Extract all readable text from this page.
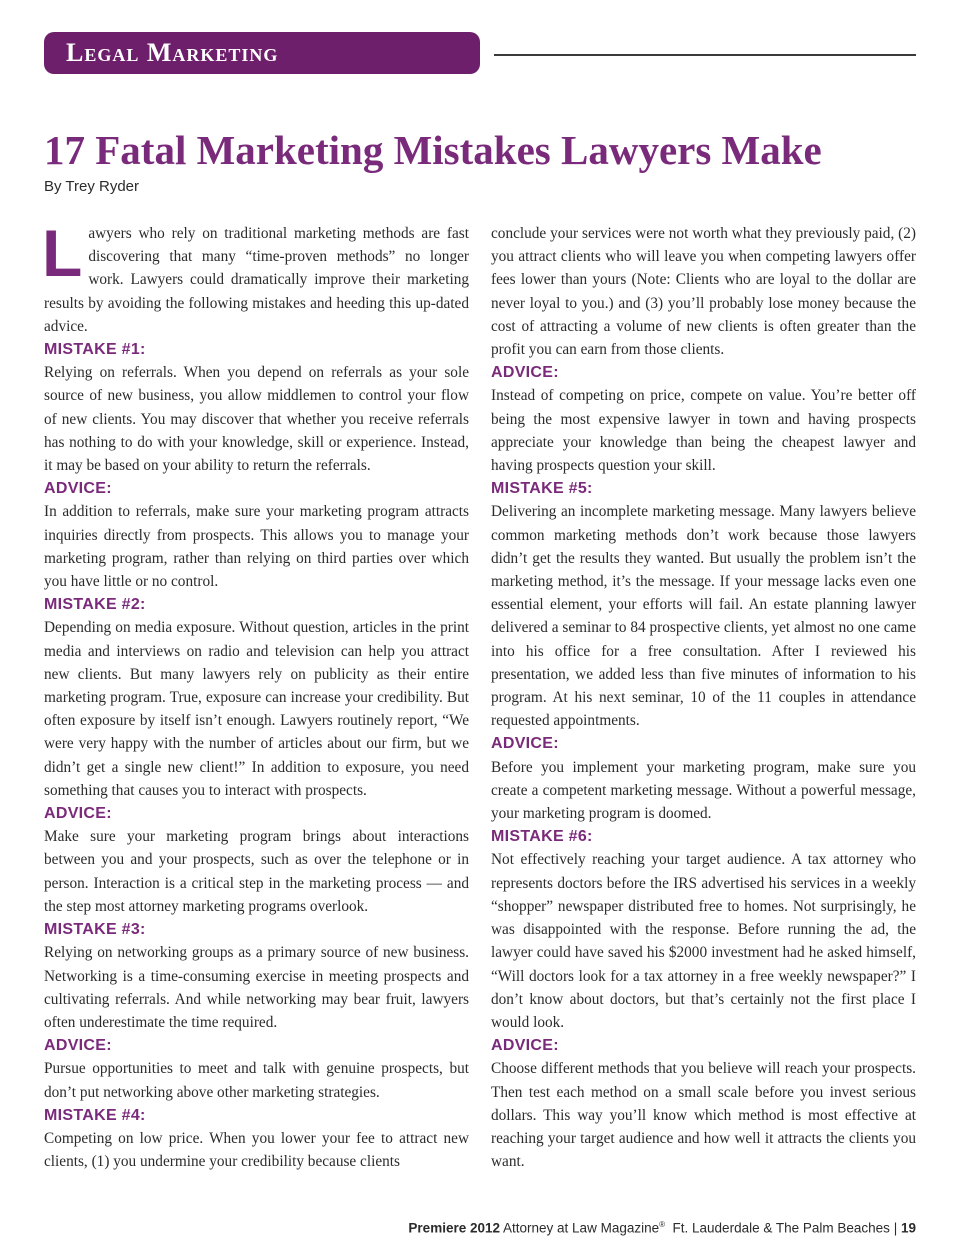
Legal Marketing
17 Fatal Marketing Mistakes Lawyers Make
By Trey Ryder

Lawyers who rely on traditional marketing methods are fast discovering that many “time-proven methods” no longer work. Lawyers could dramatically improve their marketing results by avoiding the following mistakes and heeding this up-dated advice.

MISTAKE #1:

Relying on referrals. When you depend on referrals as your sole source of new business, you allow middlemen to control your flow of new clients. You may discover that whether you receive referrals has nothing to do with your knowledge, skill or experience. Instead, it may be based on your ability to return the referrals.

ADVICE:

In addition to referrals, make sure your marketing program attracts inquiries directly from prospects. This allows you to manage your marketing program, rather than relying on third parties over which you have little or no control.

MISTAKE #2:

Depending on media exposure. Without question, articles in the print media and interviews on radio and television can help you attract new clients. But many lawyers rely on publicity as their entire marketing program. True, exposure can increase your credibility. But often exposure by itself isn’t enough. Lawyers routinely report, “We were very happy with the number of articles about our firm, but we didn’t get a single new client!” In addition to exposure, you need something that causes you to interact with prospects.

ADVICE:

Make sure your marketing program brings about interactions between you and your prospects, such as over the telephone or in person. Interaction is a critical step in the marketing process — and the step most attorney marketing programs overlook.

MISTAKE #3:

Relying on networking groups as a primary source of new business. Networking is a time-consuming exercise in meeting prospects and cultivating referrals. And while networking may bear fruit, lawyers often underestimate the time required.

ADVICE:

Pursue opportunities to meet and talk with genuine prospects, but don’t put networking above other marketing strategies.

MISTAKE #4:

Competing on low price. When you lower your fee to attract new clients, (1) you undermine your credibility because clients

conclude your services were not worth what they previously paid, (2) you attract clients who will leave you when competing lawyers offer fees lower than yours (Note: Clients who are loyal to the dollar are never loyal to you.) and (3) you’ll probably lose money because the cost of attracting a volume of new clients is often greater than the profit you can earn from those clients.

ADVICE:

Instead of competing on price, compete on value. You’re better off being the most expensive lawyer in town and having prospects appreciate your knowledge than being the cheapest lawyer and having prospects question your skill.

MISTAKE #5:

Delivering an incomplete marketing message. Many lawyers believe common marketing methods don’t work because those lawyers didn’t get the results they wanted. But usually the problem isn’t the marketing method, it’s the message. If your message lacks even one essential element, your efforts will fail. An estate planning lawyer delivered a seminar to 84 prospective clients, yet almost no one came into his office for a free consultation. After I reviewed his presentation, we added less than five minutes of information to his program. At his next seminar, 10 of the 11 couples in attendance requested appointments.

ADVICE:

Before you implement your marketing program, make sure you create a competent marketing message. Without a powerful message, your marketing program is doomed.

MISTAKE #6:

Not effectively reaching your target audience. A tax attorney who represents doctors before the IRS advertised his services in a weekly “shopper” newspaper distributed free to homes. Not surprisingly, he was disappointed with the response. Before running the ad, the lawyer could have saved his $2000 investment had he asked himself, “Will doctors look for a tax attorney in a free weekly newspaper?” I don’t know about doctors, but that’s certainly not the first place I would look.

ADVICE:

Choose different methods that you believe will reach your prospects. Then test each method on a small scale before you invest serious dollars. This way you’ll know which method is most effective at reaching your target audience and how well it attracts the clients you want.

Premiere 2012 Attorney at Law Magazine® Ft. Lauderdale & The Palm Beaches | 19
